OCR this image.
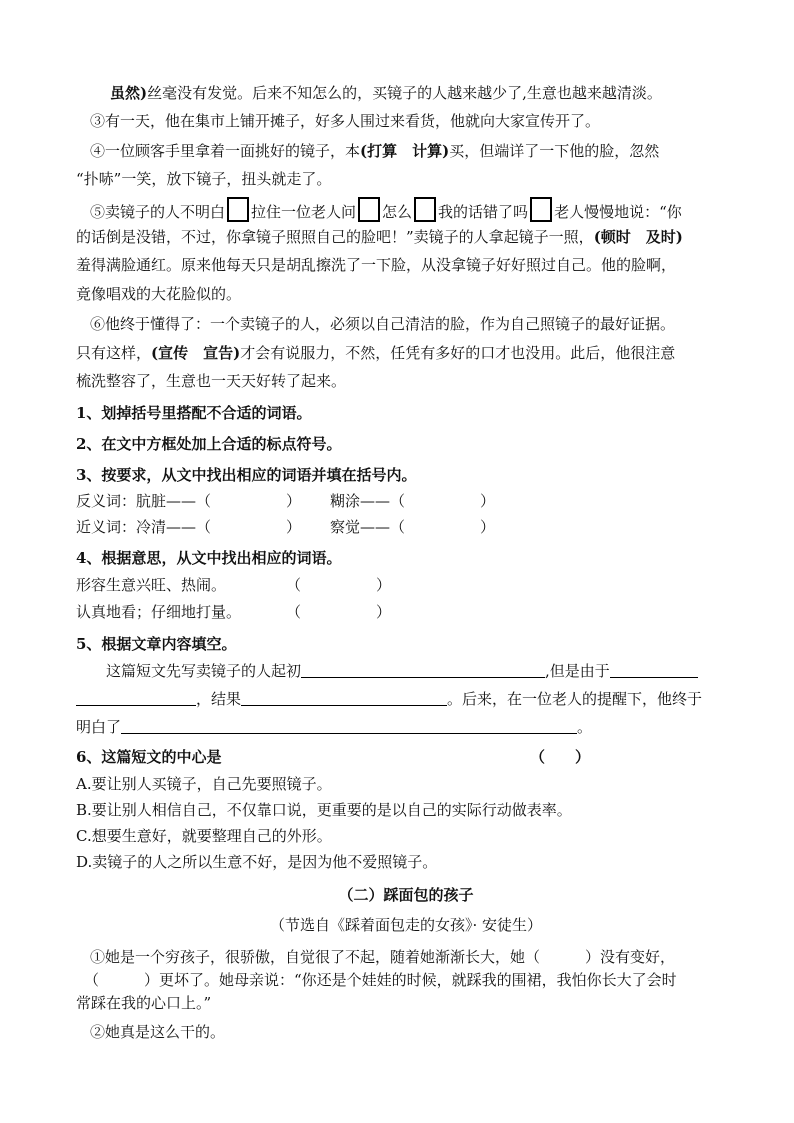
虽然)丝毫没有发觉。后来不知怎么的，买镜子的人越来越少了,生意也越来越清淡。
③有一天，他在集市上铺开摊子，好多人围过来看货，他就向大家宣传开了。
④一位顾客手里拿着一面挑好的镜子，本(打算　计算)买，但端详了一下他的脸，忽然
“扑哧”一笑，放下镜子，扭头就走了。
⑤卖镜子的人不明白 拉住一位老人问 怎么 我的话错了吗 老人慢慢地说：“你
的话倒是没错，不过，你拿镜子照照自己的脸吧！”卖镜子的人拿起镜子一照，(顿时　及时)
羞得满脸通红。原来他每天只是胡乱擦洗了一下脸，从没拿镜子好好照过自己。他的脸啊，
竟像唱戏的大花脸似的。
⑥他终于懂得了：一个卖镜子的人，必须以自己清洁的脸，作为自己照镜子的最好证据。
只有这样，(宣传　宣告)才会有说服力，不然，任凭有多好的口才也没用。此后，他很注意
梳洗整容了，生意也一天天好转了起来。
1、划掉括号里搭配不合适的词语。
2、在文中方框处加上合适的标点符号。
3、按要求，从文中找出相应的词语并填在括号内。
反义词：肮脏——（　　　　　） 糊涂——（　　　　　）
近义词：冷清——（　　　　　） 察觉——（　　　　　）
4、根据意思，从文中找出相应的词语。
形容生意兴旺、热闹。	（　　　　　）
认真地看；仔细地打量。	（　　　　　）
5、根据文章内容填空。
这篇短文先写卖镜子的人起初	,但是由于
，结果	。后来，在一位老人的提醒下，他终于
明白了	。
6、这篇短文的中心是	（　　）
A.要让别人买镜子，自己先要照镜子。
B.要让别人相信自己，不仅靠口说，更重要的是以自己的实际行动做表率。
C.想要生意好，就要整理自己的外形。
D.卖镜子的人之所以生意不好，是因为他不爱照镜子。
（二）踩面包的孩子
（节选自《踩着面包走的女孩》· 安徒生）
①她是一个穷孩子，很骄傲，自觉很了不起，随着她渐渐长大，她（　　　）没有变好，
（　　　）更坏了。她母亲说：“你还是个娃娃的时候，就踩我的围裙，我怕你长大了会时
常踩在我的心口上。”
②她真是这么干的。
